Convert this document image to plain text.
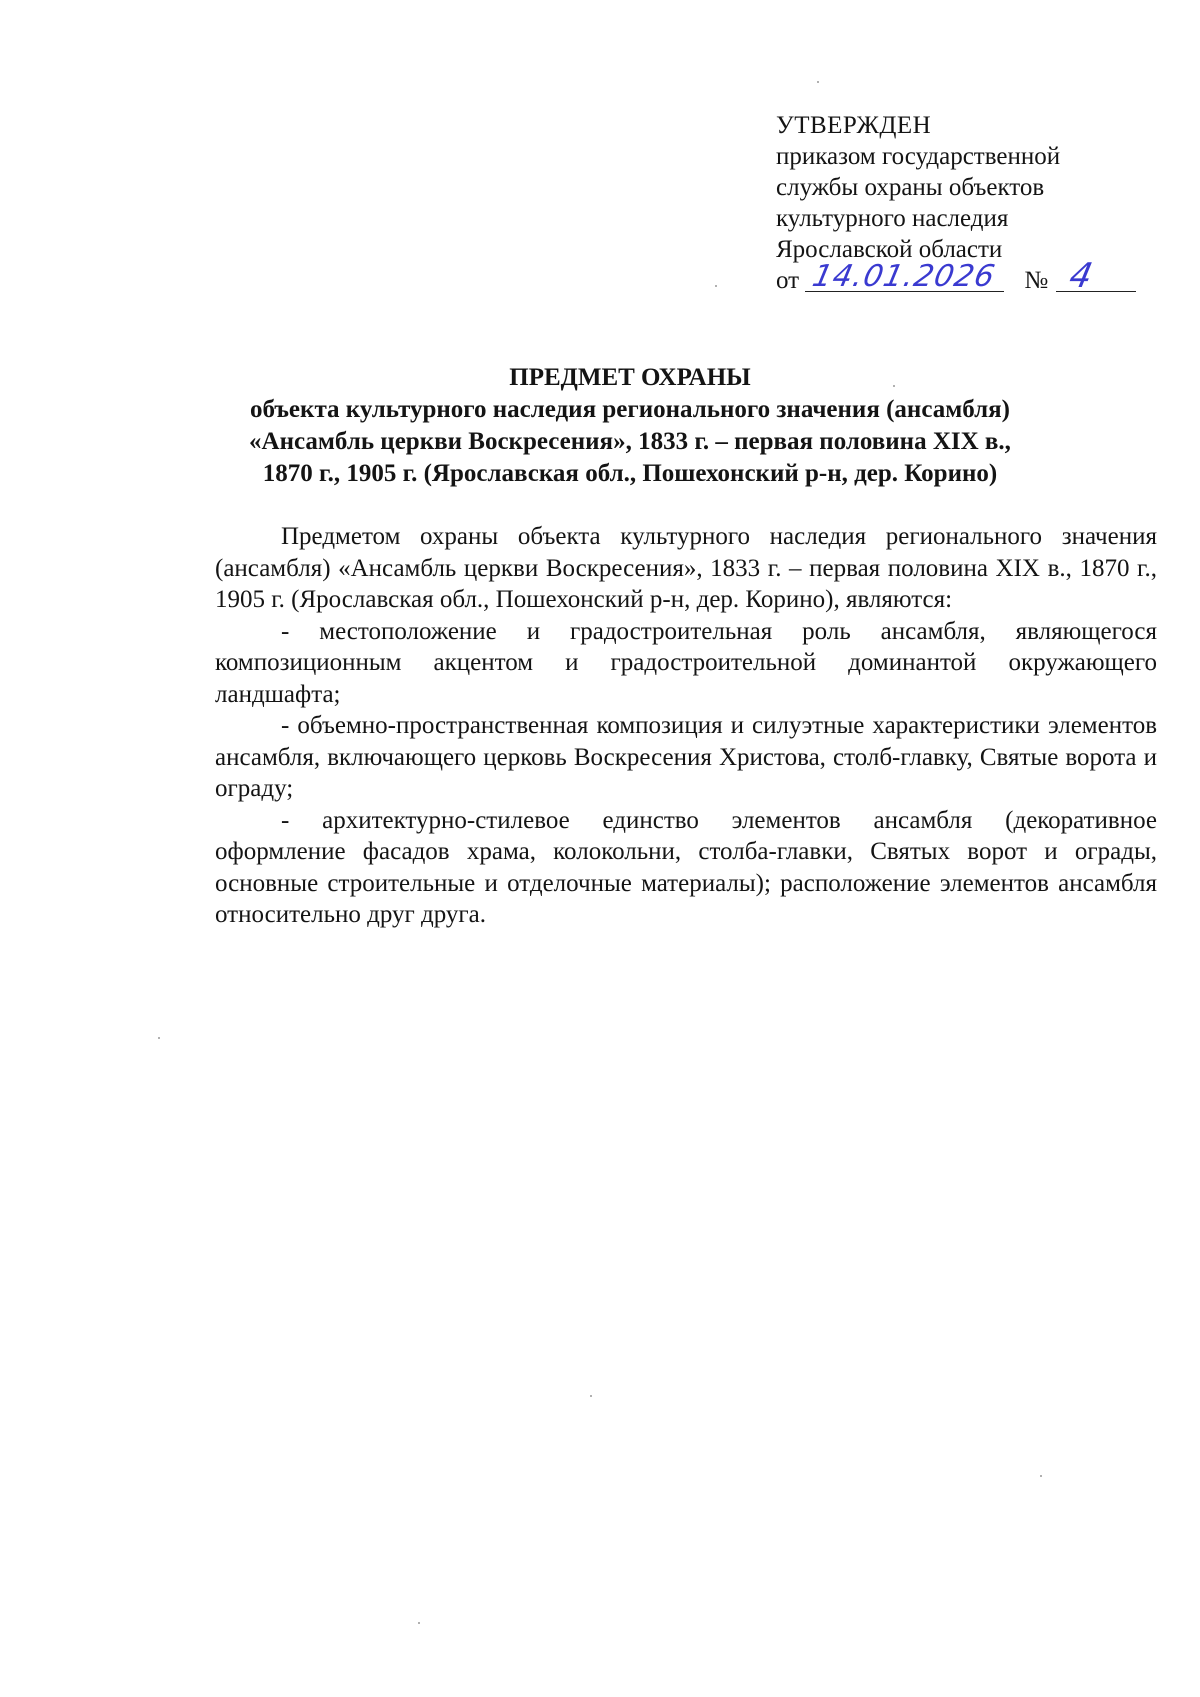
УТВЕРЖДЕН
приказом государственной
службы охраны объектов
культурного наследия
Ярославской области
от 14.01.2026 № 4
ПРЕДМЕТ ОХРАНЫ
объекта культурного наследия регионального значения (ансамбля)
«Ансамбль церкви Воскресения», 1833 г. – первая половина XIX в.,
1870 г., 1905 г. (Ярославская обл., Пошехонский р-н, дер. Корино)

Предметом охраны объекта культурного наследия регионального значения (ансамбля) «Ансамбль церкви Воскресения», 1833 г. – первая половина XIX в., 1870 г., 1905 г. (Ярославская обл., Пошехонский р-н, дер. Корино), являются:

- местоположение и градостроительная роль ансамбля, являющегося композиционным акцентом и градостроительной доминантой окружающего ландшафта;

- объемно-пространственная композиция и силуэтные характеристики элементов ансамбля, включающего церковь Воскресения Христова, столб-главку, Святые ворота и ограду;

- архитектурно-стилевое единство элементов ансамбля (декоративное оформление фасадов храма, колокольни, столба-главки, Святых ворот и ограды, основные строительные и отделочные материалы); расположение элементов ансамбля относительно друг друга.
